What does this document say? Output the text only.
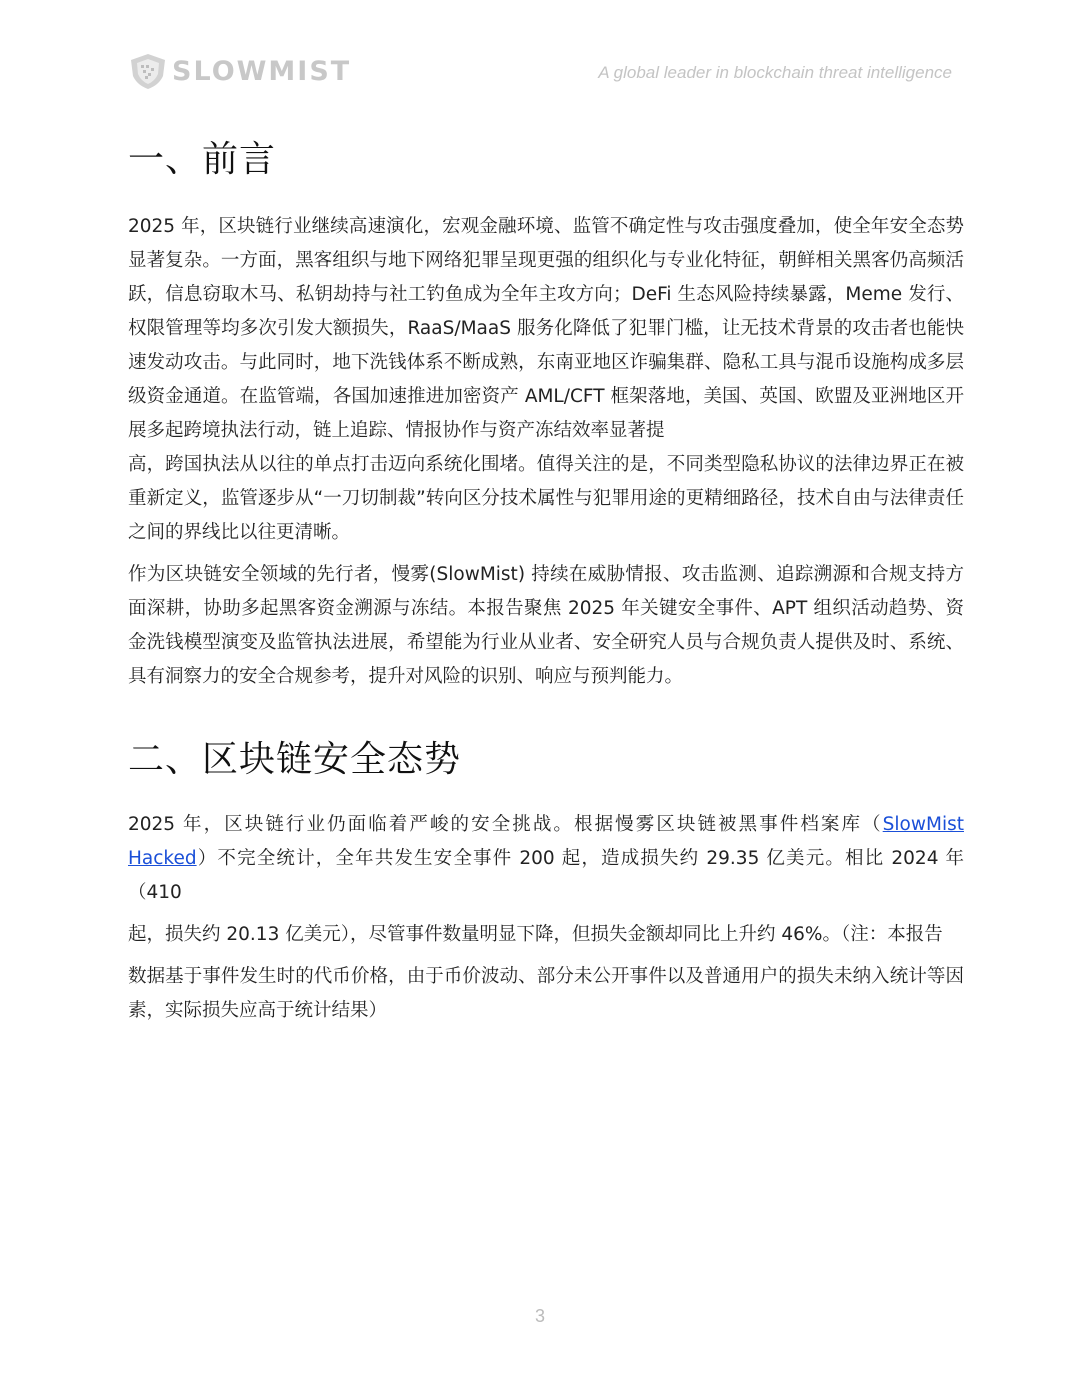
SLOWMIST	A global leader in blockchain threat intelligence
一、前言

2025 年，区块链行业继续高速演化，宏观金融环境、监管不确定性与攻击强度叠加，使全年安全态势显著复杂。一方面，黑客组织与地下网络犯罪呈现更强的组织化与专业化特征，朝鲜相关黑客仍高频活跃，信息窃取木马、私钥劫持与社工钓鱼成为全年主攻方向；DeFi 生态风险持续暴露，Meme 发行、权限管理等均多次引发大额损失，RaaS/MaaS 服务化降低了犯罪门槛，让无技术背景的攻击者也能快速发动攻击。与此同时，地下洗钱体系不断成熟，东南亚地区诈骗集群、隐私工具与混币设施构成多层级资金通道。在监管端，各国加速推进加密资产 AML/CFT 框架落地，美国、英国、欧盟及亚洲地区开展多起跨境执法行动，链上追踪、情报协作与资产冻结效率显著提
高，跨国执法从以往的单点打击迈向系统化围堵。值得关注的是，不同类型隐私协议的法律边界正在被重新定义，监管逐步从“一刀切制裁”转向区分技术属性与犯罪用途的更精细路径，技术自由与法律责任之间的界线比以往更清晰。

作为区块链安全领域的先行者，慢雾(SlowMist) 持续在威胁情报、攻击监测、追踪溯源和合规支持方面深耕，协助多起黑客资金溯源与冻结。本报告聚焦 2025 年关键安全事件、APT 组织活动趋势、资金洗钱模型演变及监管执法进展，希望能为行业从业者、安全研究人员与合规负责人提供及时、系统、具有洞察力的安全合规参考，提升对风险的识别、响应与预判能力。

二、区块链安全态势

2025 年，区块链行业仍面临着严峻的安全挑战。根据慢雾区块链被黑事件档案库（SlowMist Hacked）不完全统计，全年共发生安全事件 200 起，造成损失约 29.35 亿美元。相比 2024 年（410

起，损失约 20.13 亿美元），尽管事件数量明显下降，但损失金额却同比上升约 46%。（注：本报告

数据基于事件发生时的代币价格，由于币价波动、部分未公开事件以及普通用户的损失未纳入统计等因素，实际损失应高于统计结果）

3
